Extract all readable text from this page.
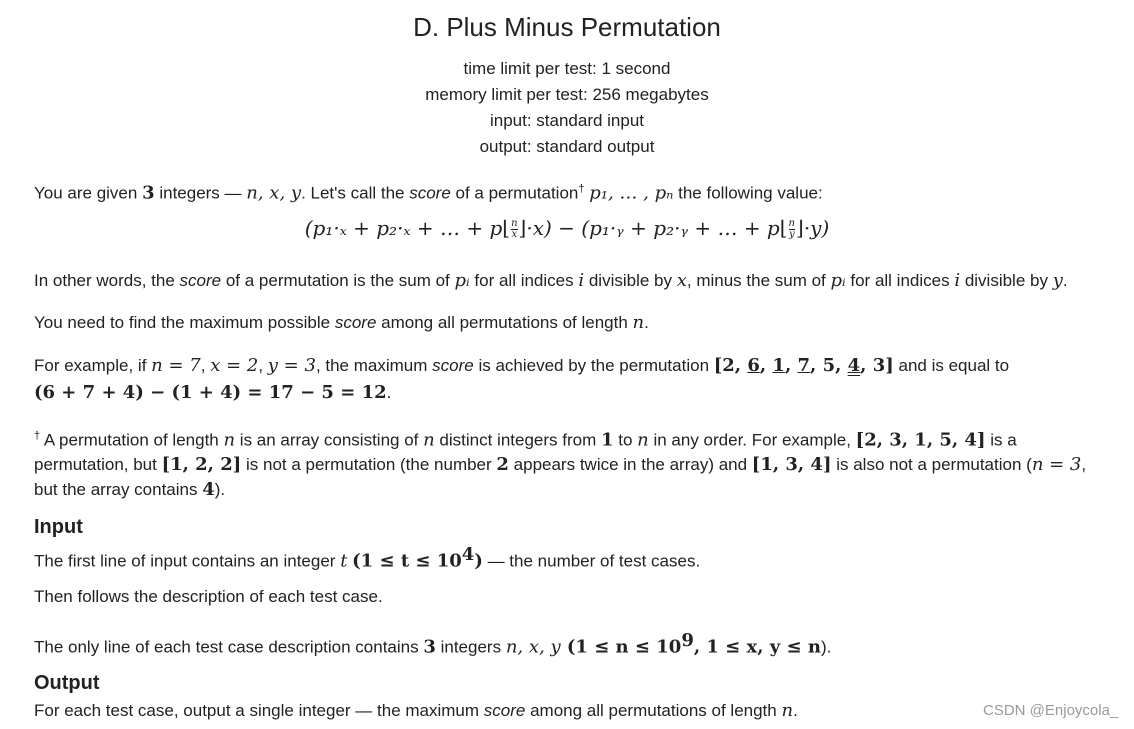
D. Plus Minus Permutation
time limit per test: 1 second
memory limit per test: 256 megabytes
input: standard input
output: standard output
You are given 3 integers — n, x, y. Let's call the score of a permutation† p₁, … , pₙ the following value:
(p₁·ₓ + p₂·ₓ + … + p⌊ $\frac{n}{x}$ ⌋·x) − (p₁·ᵧ + p₂·ᵧ + … + p⌊ $\frac{n}{y}$ ⌋·y)
In other words, the score of a permutation is the sum of pᵢ for all indices i divisible by x, minus the sum of pᵢ for all indices i divisible by y.
You need to find the maximum possible score among all permutations of length n.
For example, if n = 7, x = 2, y = 3, the maximum score is achieved by the permutation [2, 6, 1, 7, 5, 4, 3] and is equal to
(6 + 7 + 4) − (1 + 4) = 17 − 5 = 12.
† A permutation of length n is an array consisting of n distinct integers from 1 to n in any order. For example, [2, 3, 1, 5, 4] is a permutation, but [1, 2, 2] is not a permutation (the number 2 appears twice in the array) and [1, 3, 4] is also not a permutation (n = 3, but the array contains 4).
Input
The first line of input contains an integer t $(1 \le t \le 10^4)$ — the number of test cases.
Then follows the description of each test case.
The only line of each test case description contains 3 integers n, x, y ($1 \le n \le 10^9$, 1 ≤ x, y ≤ n).
Output
For each test case, output a single integer — the maximum score among all permutations of length n.	CSDN @Enjoycola_
